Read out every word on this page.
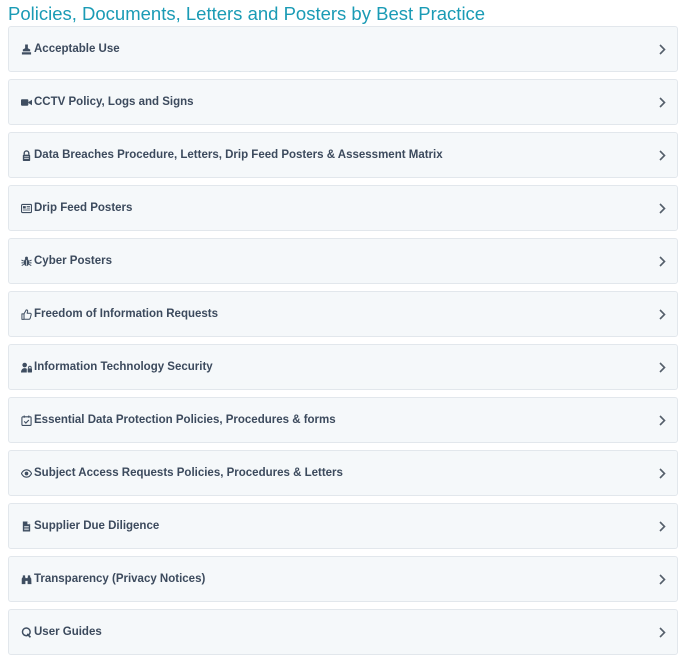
Policies, Documents, Letters and Posters by Best Practice
Acceptable Use
CCTV Policy, Logs and Signs
Data Breaches Procedure, Letters, Drip Feed Posters & Assessment Matrix
Drip Feed Posters
Cyber Posters
Freedom of Information Requests
Information Technology Security
Essential Data Protection Policies, Procedures & forms
Subject Access Requests Policies, Procedures & Letters
Supplier Due Diligence
Transparency (Privacy Notices)
User Guides
